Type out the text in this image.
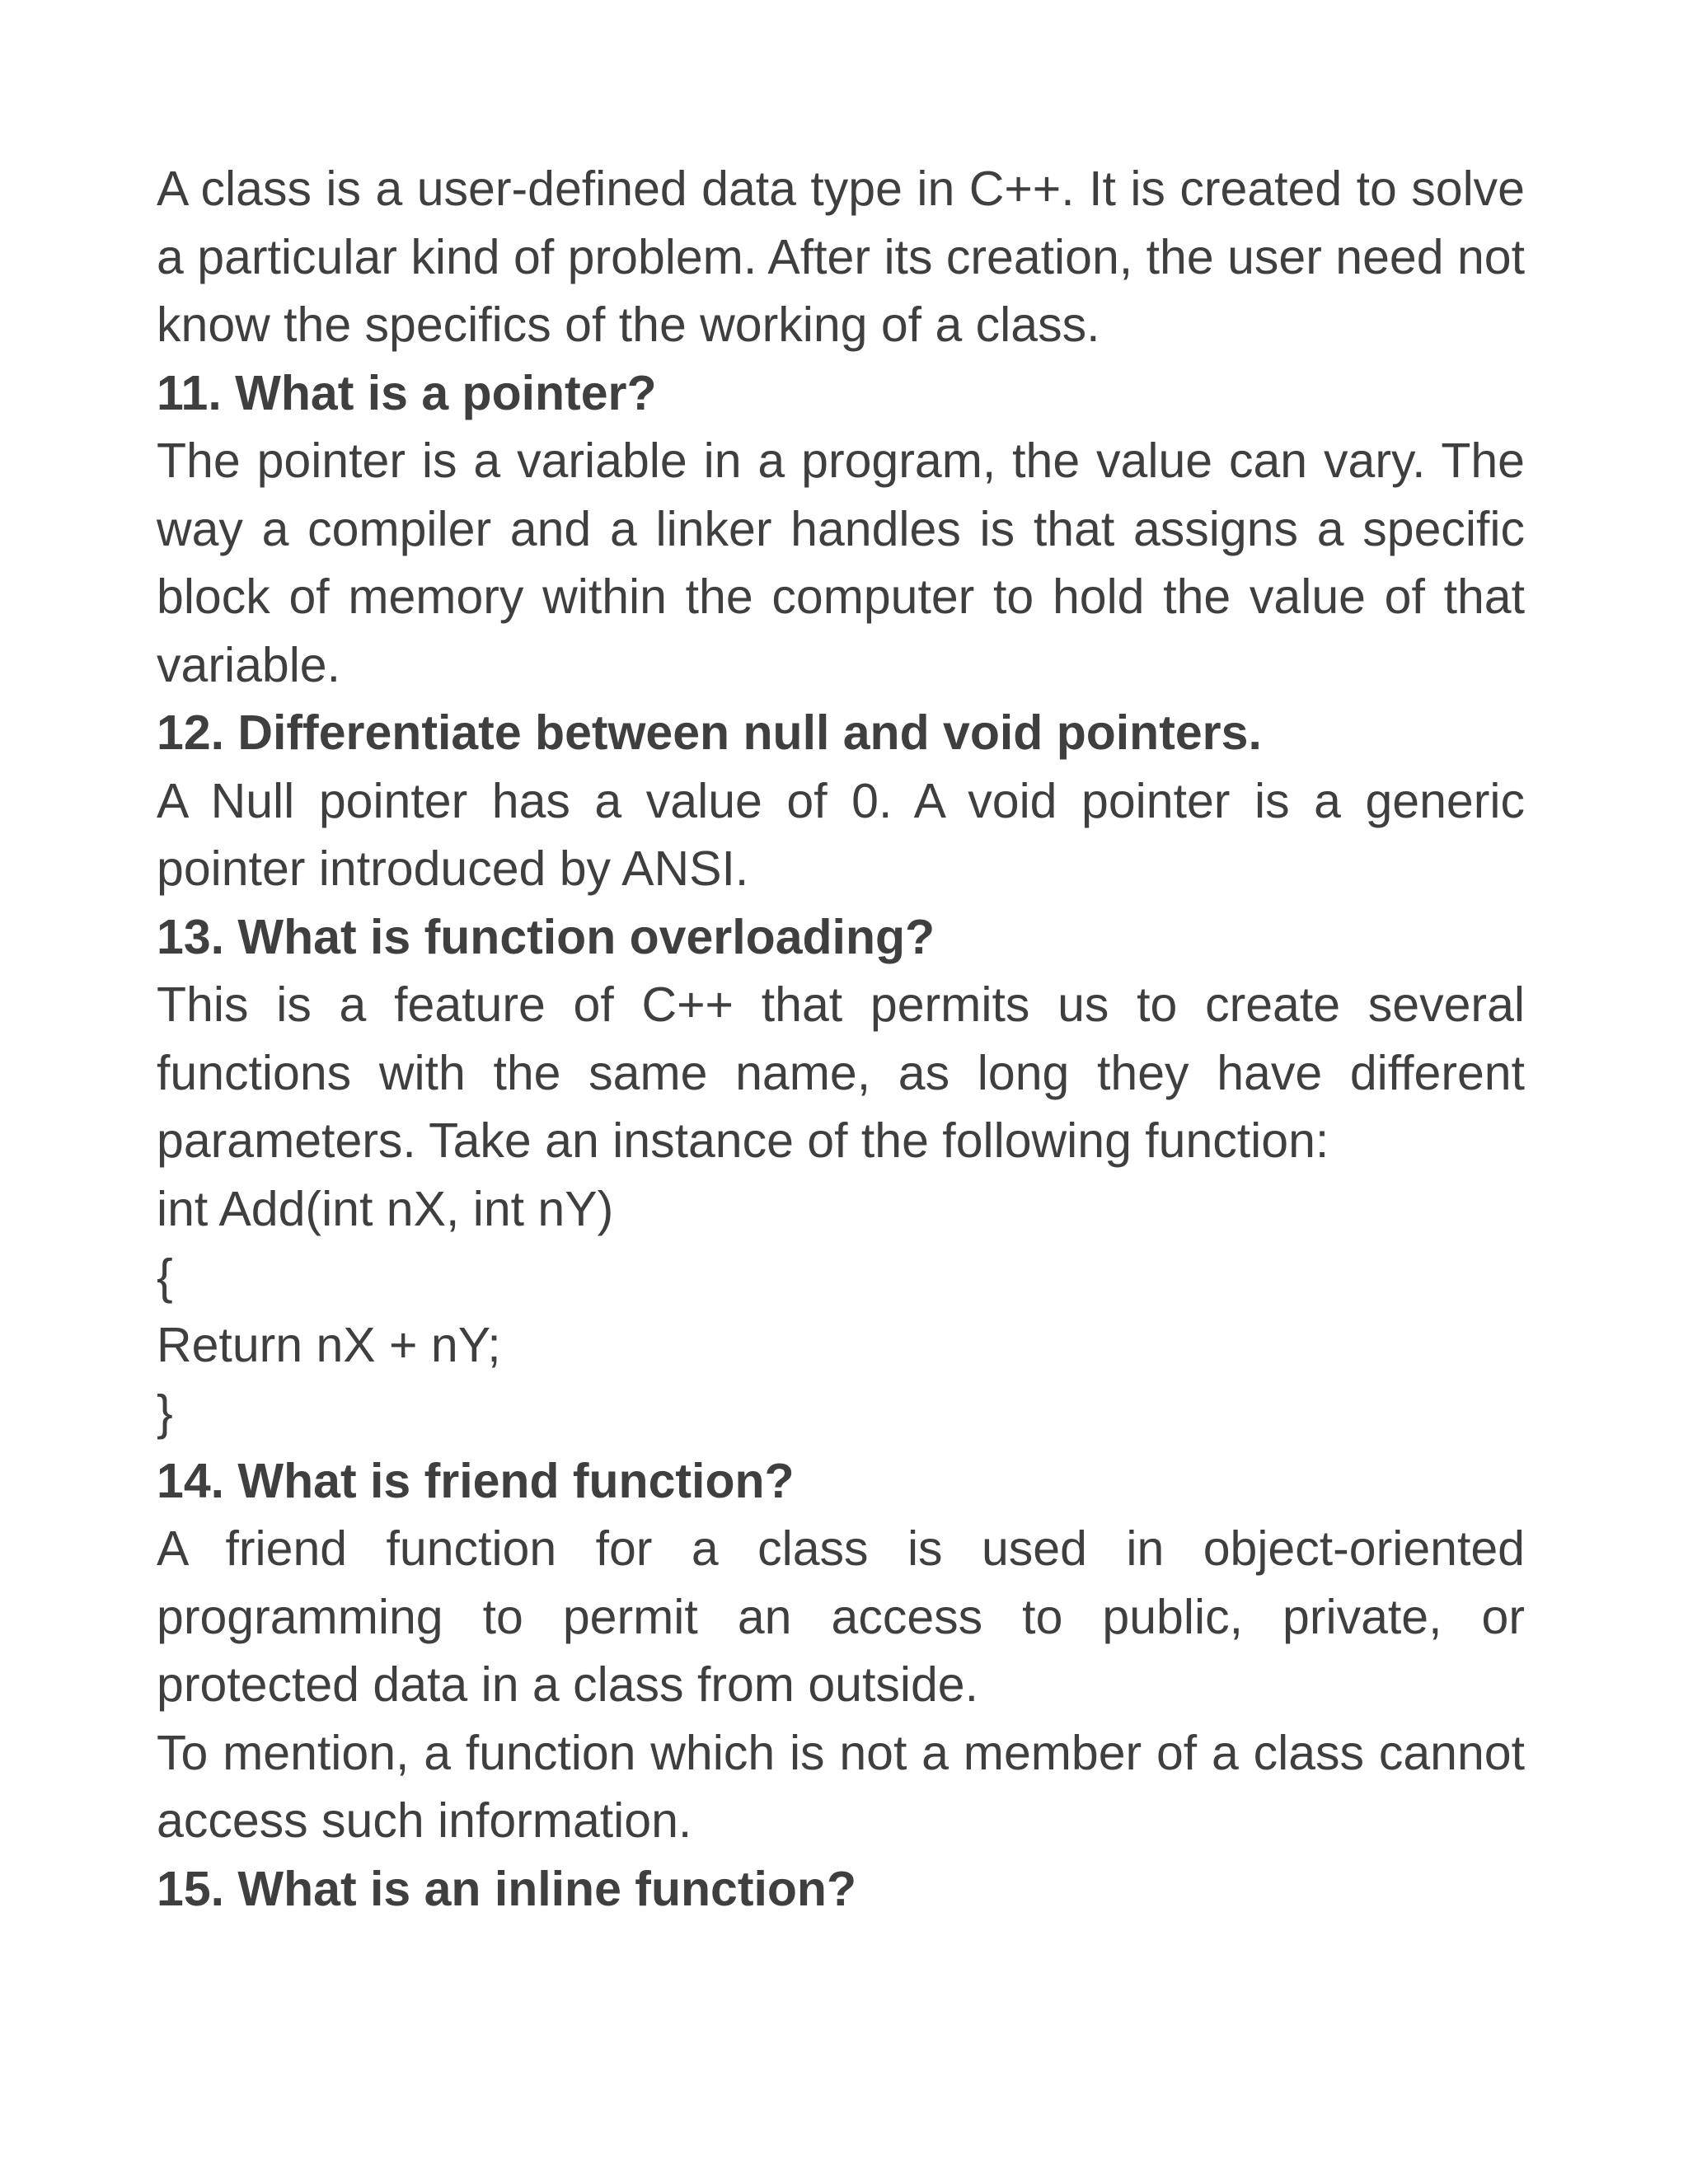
A class is a user-defined data type in C++. It is created to solve a particular kind of problem. After its creation, the user need not know the specifics of the working of a class.

11. What is a pointer?

The pointer is a variable in a program, the value can vary. The way a compiler and a linker handles is that assigns a specific block of memory within the computer to hold the value of that variable.

12. Differentiate between null and void pointers.

A Null pointer has a value of 0. A void pointer is a generic pointer introduced by ANSI.

13. What is function overloading?

This is a feature of C++ that permits us to create several functions with the same name, as long they have different parameters. Take an instance of the following function:

int Add(int nX, int nY)

{

Return nX + nY;

}

14. What is friend function?

A friend function for a class is used in object-oriented programming to permit an access to public, private, or protected data in a class from outside.

To mention, a function which is not a member of a class cannot access such information.

15. What is an inline function?
